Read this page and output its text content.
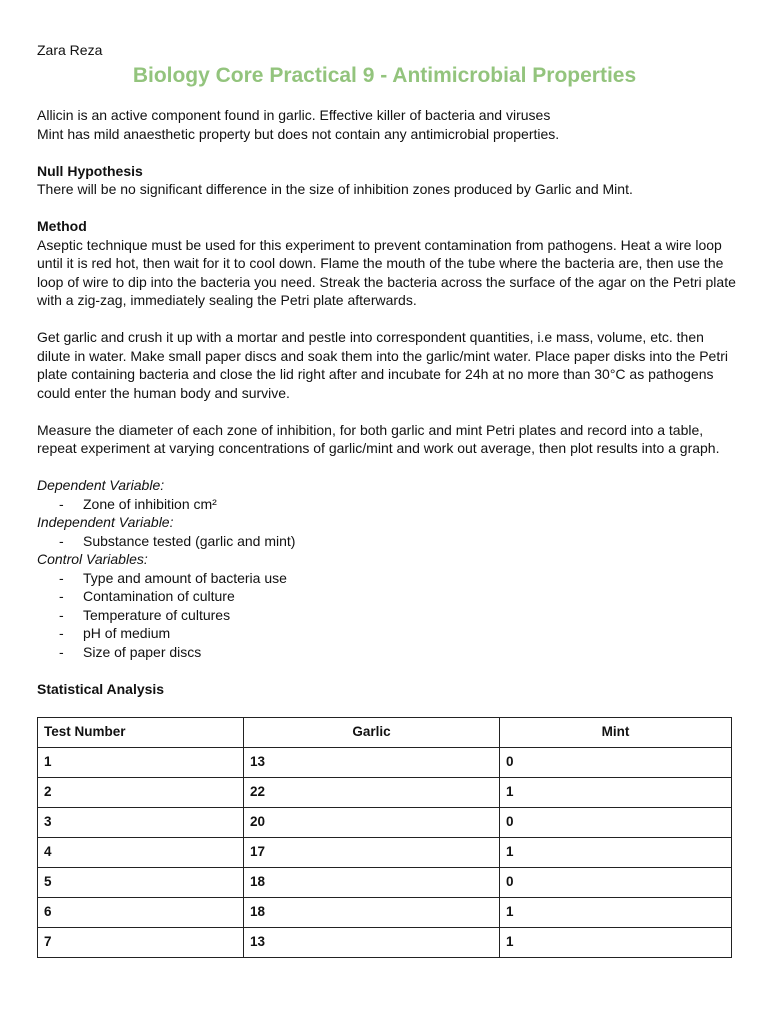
Zara Reza

Biology Core Practical 9 - Antimicrobial Properties

Allicin is an active component found in garlic. Effective killer of bacteria and viruses

Mint has mild anaesthetic property but does not contain any antimicrobial properties.

Null Hypothesis

There will be no significant difference in the size of inhibition zones produced by Garlic and Mint.

Method

Aseptic technique must be used for this experiment to prevent contamination from pathogens. Heat a wire loop until it is red hot, then wait for it to cool down. Flame the mouth of the tube where the bacteria are, then use the loop of wire to dip into the bacteria you need. Streak the bacteria across the surface of the agar on the Petri plate with a zig-zag, immediately sealing the Petri plate afterwards.

Get garlic and crush it up with a mortar and pestle into correspondent quantities, i.e mass, volume, etc. then dilute in water. Make small paper discs and soak them into the garlic/mint water. Place paper disks into the Petri plate containing bacteria and close the lid right after and incubate for 24h at no more than 30°C as pathogens could enter the human body and survive.

Measure the diameter of each zone of inhibition, for both garlic and mint Petri plates and record into a table, repeat experiment at varying concentrations of garlic/mint and work out average, then plot results into a graph.

Dependent Variable:

- Zone of inhibition cm²

Independent Variable:

- Substance tested (garlic and mint)

Control Variables:

- Type and amount of bacteria use
- Contamination of culture
- Temperature of cultures
- pH of medium
- Size of paper discs

Statistical Analysis

Test Number	Garlic	Mint
1	13	0
2	22	1
3	20	0
4	17	1
5	18	0
6	18	1
7	13	1
